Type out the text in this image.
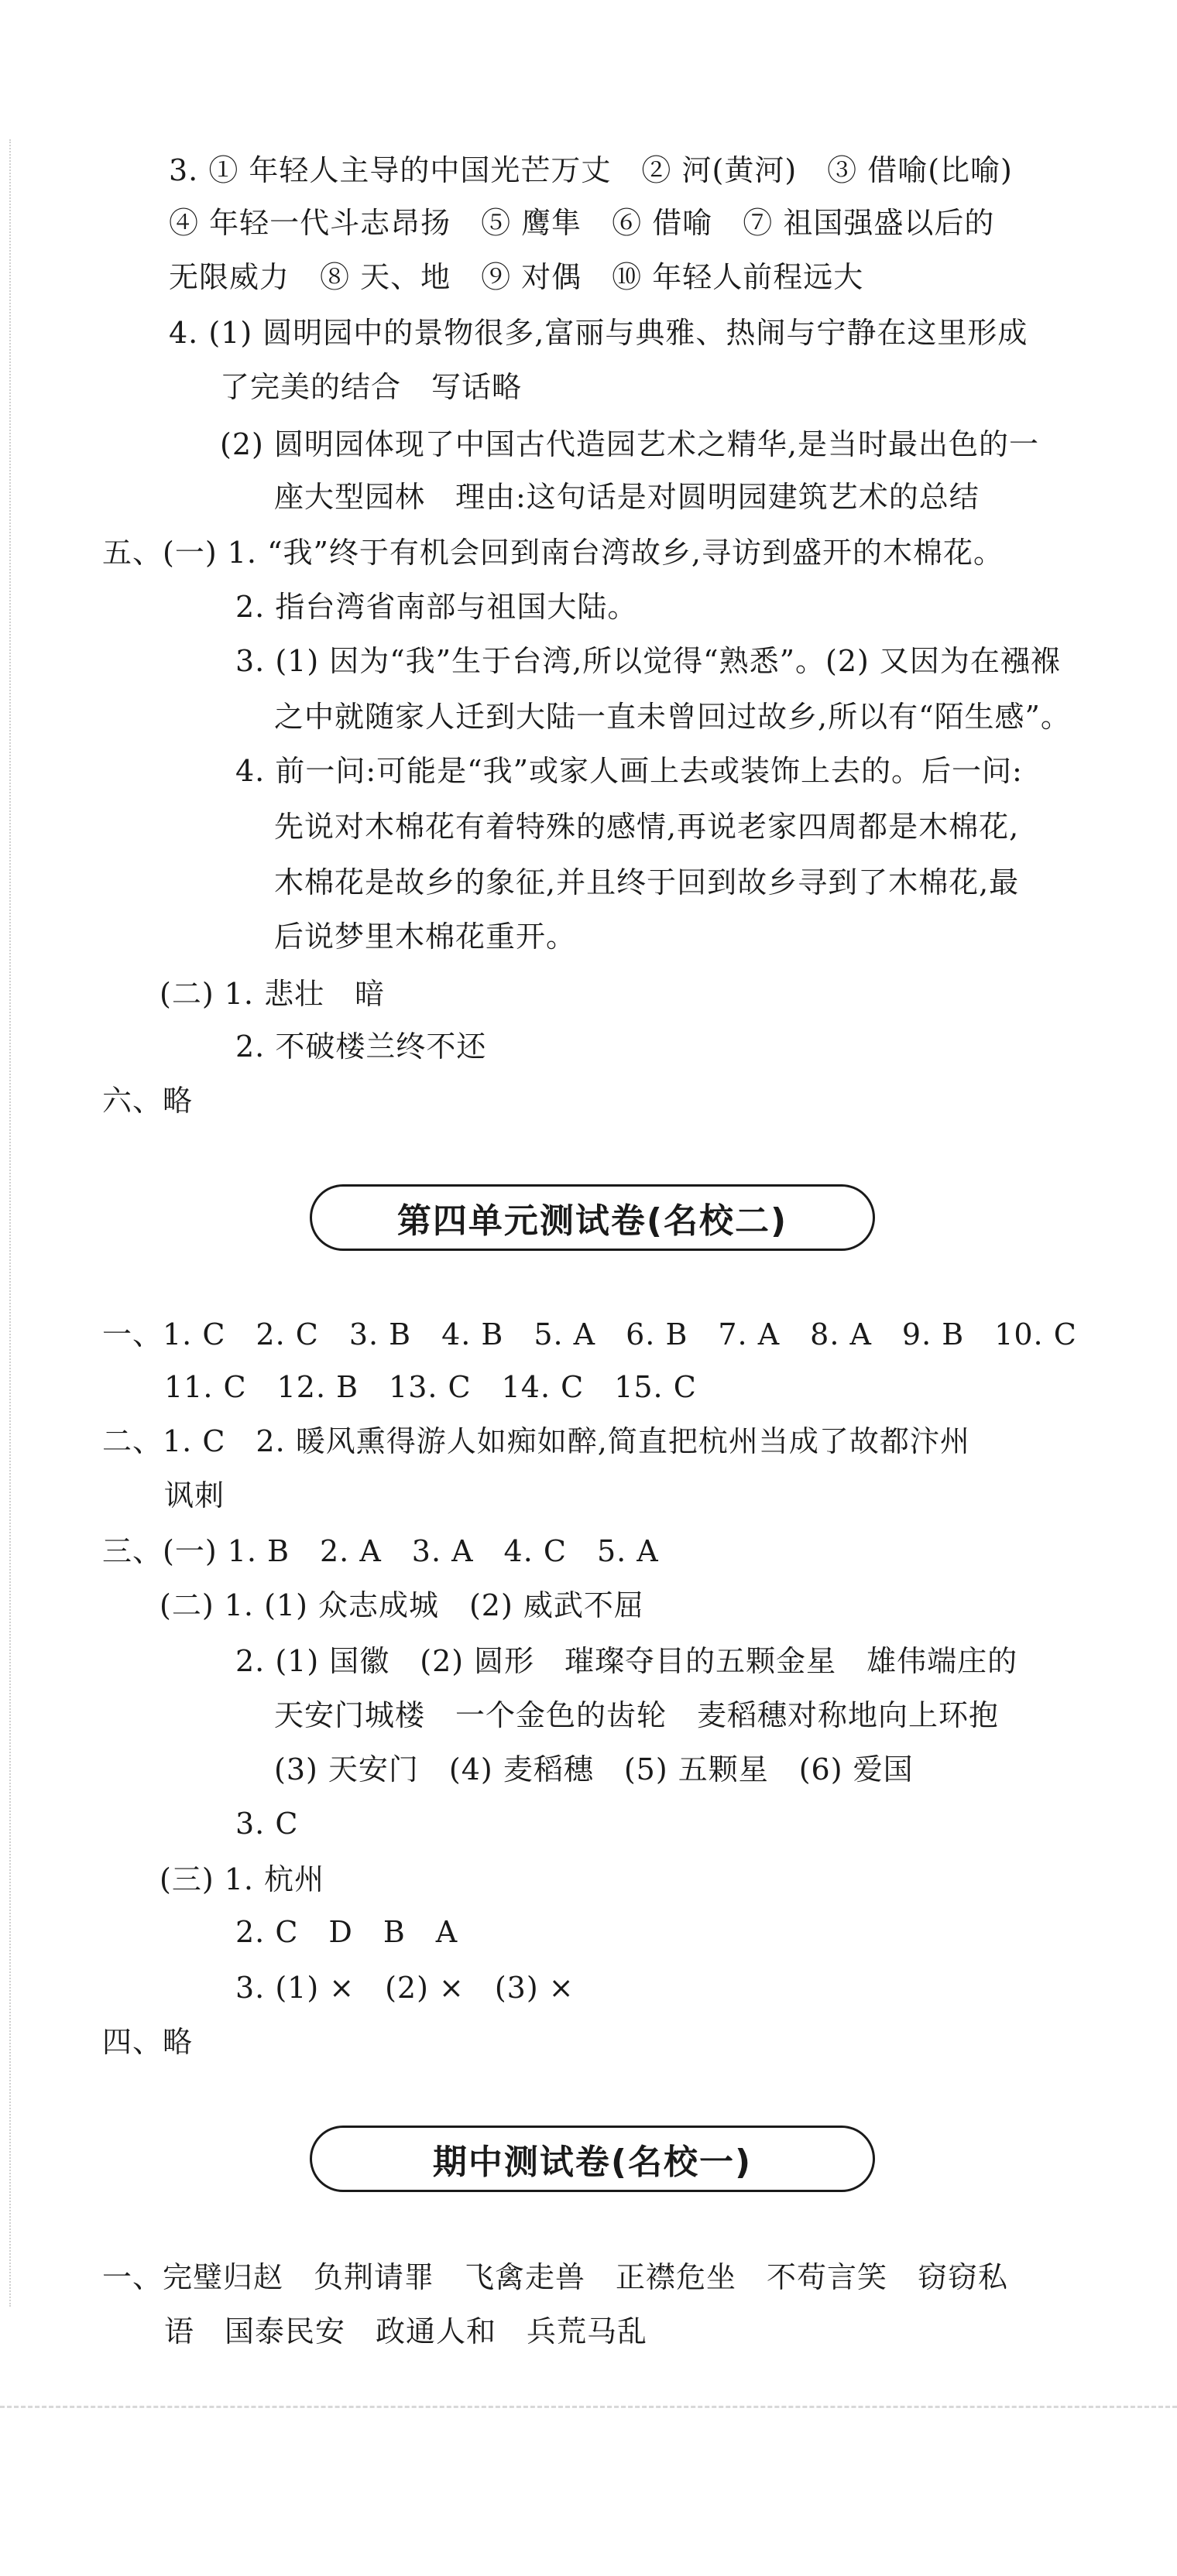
3. ① 年轻人主导的中国光芒万丈　② 河(黄河)　③ 借喻(比喻)
④ 年轻一代斗志昂扬　⑤ 鹰隼　⑥ 借喻　⑦ 祖国强盛以后的
无限威力　⑧ 天、地　⑨ 对偶　⑩ 年轻人前程远大
4. (1) 圆明园中的景物很多,富丽与典雅、热闹与宁静在这里形成
了完美的结合　写话略
(2) 圆明园体现了中国古代造园艺术之精华,是当时最出色的一
座大型园林　理由:这句话是对圆明园建筑艺术的总结
五、(一) 1. “我”终于有机会回到南台湾故乡,寻访到盛开的木棉花。
2. 指台湾省南部与祖国大陆。
3. (1) 因为“我”生于台湾,所以觉得“熟悉”。(2) 又因为在襁褓
之中就随家人迁到大陆一直未曾回过故乡,所以有“陌生感”。
4. 前一问:可能是“我”或家人画上去或装饰上去的。后一问:
先说对木棉花有着特殊的感情,再说老家四周都是木棉花,
木棉花是故乡的象征,并且终于回到故乡寻到了木棉花,最
后说梦里木棉花重开。
(二) 1. 悲壮　暗
2. 不破楼兰终不还
六、略
第四单元测试卷(名校二)
一、1. C　2. C　3. B　4. B　5. A　6. B　7. A　8. A　9. B　10. C
11. C　12. B　13. C　14. C　15. C
二、1. C　2. 暖风熏得游人如痴如醉,简直把杭州当成了故都汴州
讽刺
三、(一) 1. B　2. A　3. A　4. C　5. A
(二) 1. (1) 众志成城　(2) 威武不屈
2. (1) 国徽　(2) 圆形　璀璨夺目的五颗金星　雄伟端庄的
天安门城楼　一个金色的齿轮　麦稻穗对称地向上环抱
(3) 天安门　(4) 麦稻穗　(5) 五颗星　(6) 爱国
3. C
(三) 1. 杭州
2. C　D　B　A
3. (1) ×　(2) ×　(3) ×
四、略
期中测试卷(名校一)
一、完璧归赵　负荆请罪　飞禽走兽　正襟危坐　不苟言笑　窃窃私
语　国泰民安　政通人和　兵荒马乱
